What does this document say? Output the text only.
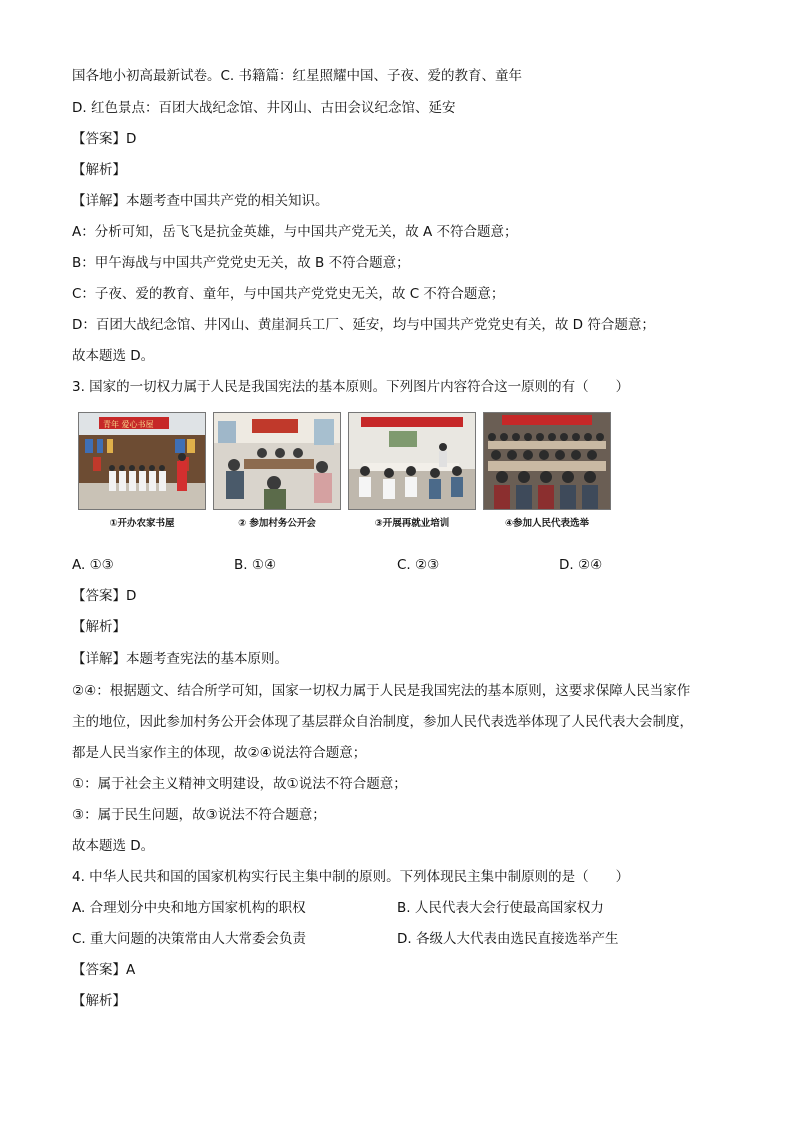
国各地小初高最新试卷。C. 书籍篇：红星照耀中国、子夜、爱的教育、童年
D. 红色景点：百团大战纪念馆、井冈山、古田会议纪念馆、延安
【答案】D
【解析】
【详解】本题考查中国共产党的相关知识。
A：分析可知，岳飞飞是抗金英雄，与中国共产党无关，故 A 不符合题意；
B：甲午海战与中国共产党党史无关，故 B 不符合题意；
C：子夜、爱的教育、童年，与中国共产党党史无关，故 C 不符合题意；
D：百团大战纪念馆、井冈山、黄崖洞兵工厂、延安，均与中国共产党党史有关，故 D 符合题意；
故本题选 D。
3. 国家的一切权力属于人民是我国宪法的基本原则。下列图片内容符合这一原则的有（　　）
青年 爱心书屋
①开办农家书屋	② 参加村务公开会	③开展再就业培训	④参加人民代表选举
A. ①③	B. ①④	C. ②③	D. ②④
【答案】D
【解析】
【详解】本题考查宪法的基本原则。
②④：根据题文、结合所学可知，国家一切权力属于人民是我国宪法的基本原则，这要求保障人民当家作
主的地位，因此参加村务公开会体现了基层群众自治制度，参加人民代表选举体现了人民代表大会制度，
都是人民当家作主的体现，故②④说法符合题意；
①：属于社会主义精神文明建设，故①说法不符合题意；
③：属于民生问题，故③说法不符合题意；
故本题选 D。
4. 中华人民共和国的国家机构实行民主集中制的原则。下列体现民主集中制原则的是（　　）
A. 合理划分中央和地方国家机构的职权	B. 人民代表大会行使最高国家权力
C. 重大问题的决策常由人大常委会负责	D. 各级人大代表由选民直接选举产生
【答案】A
【解析】
